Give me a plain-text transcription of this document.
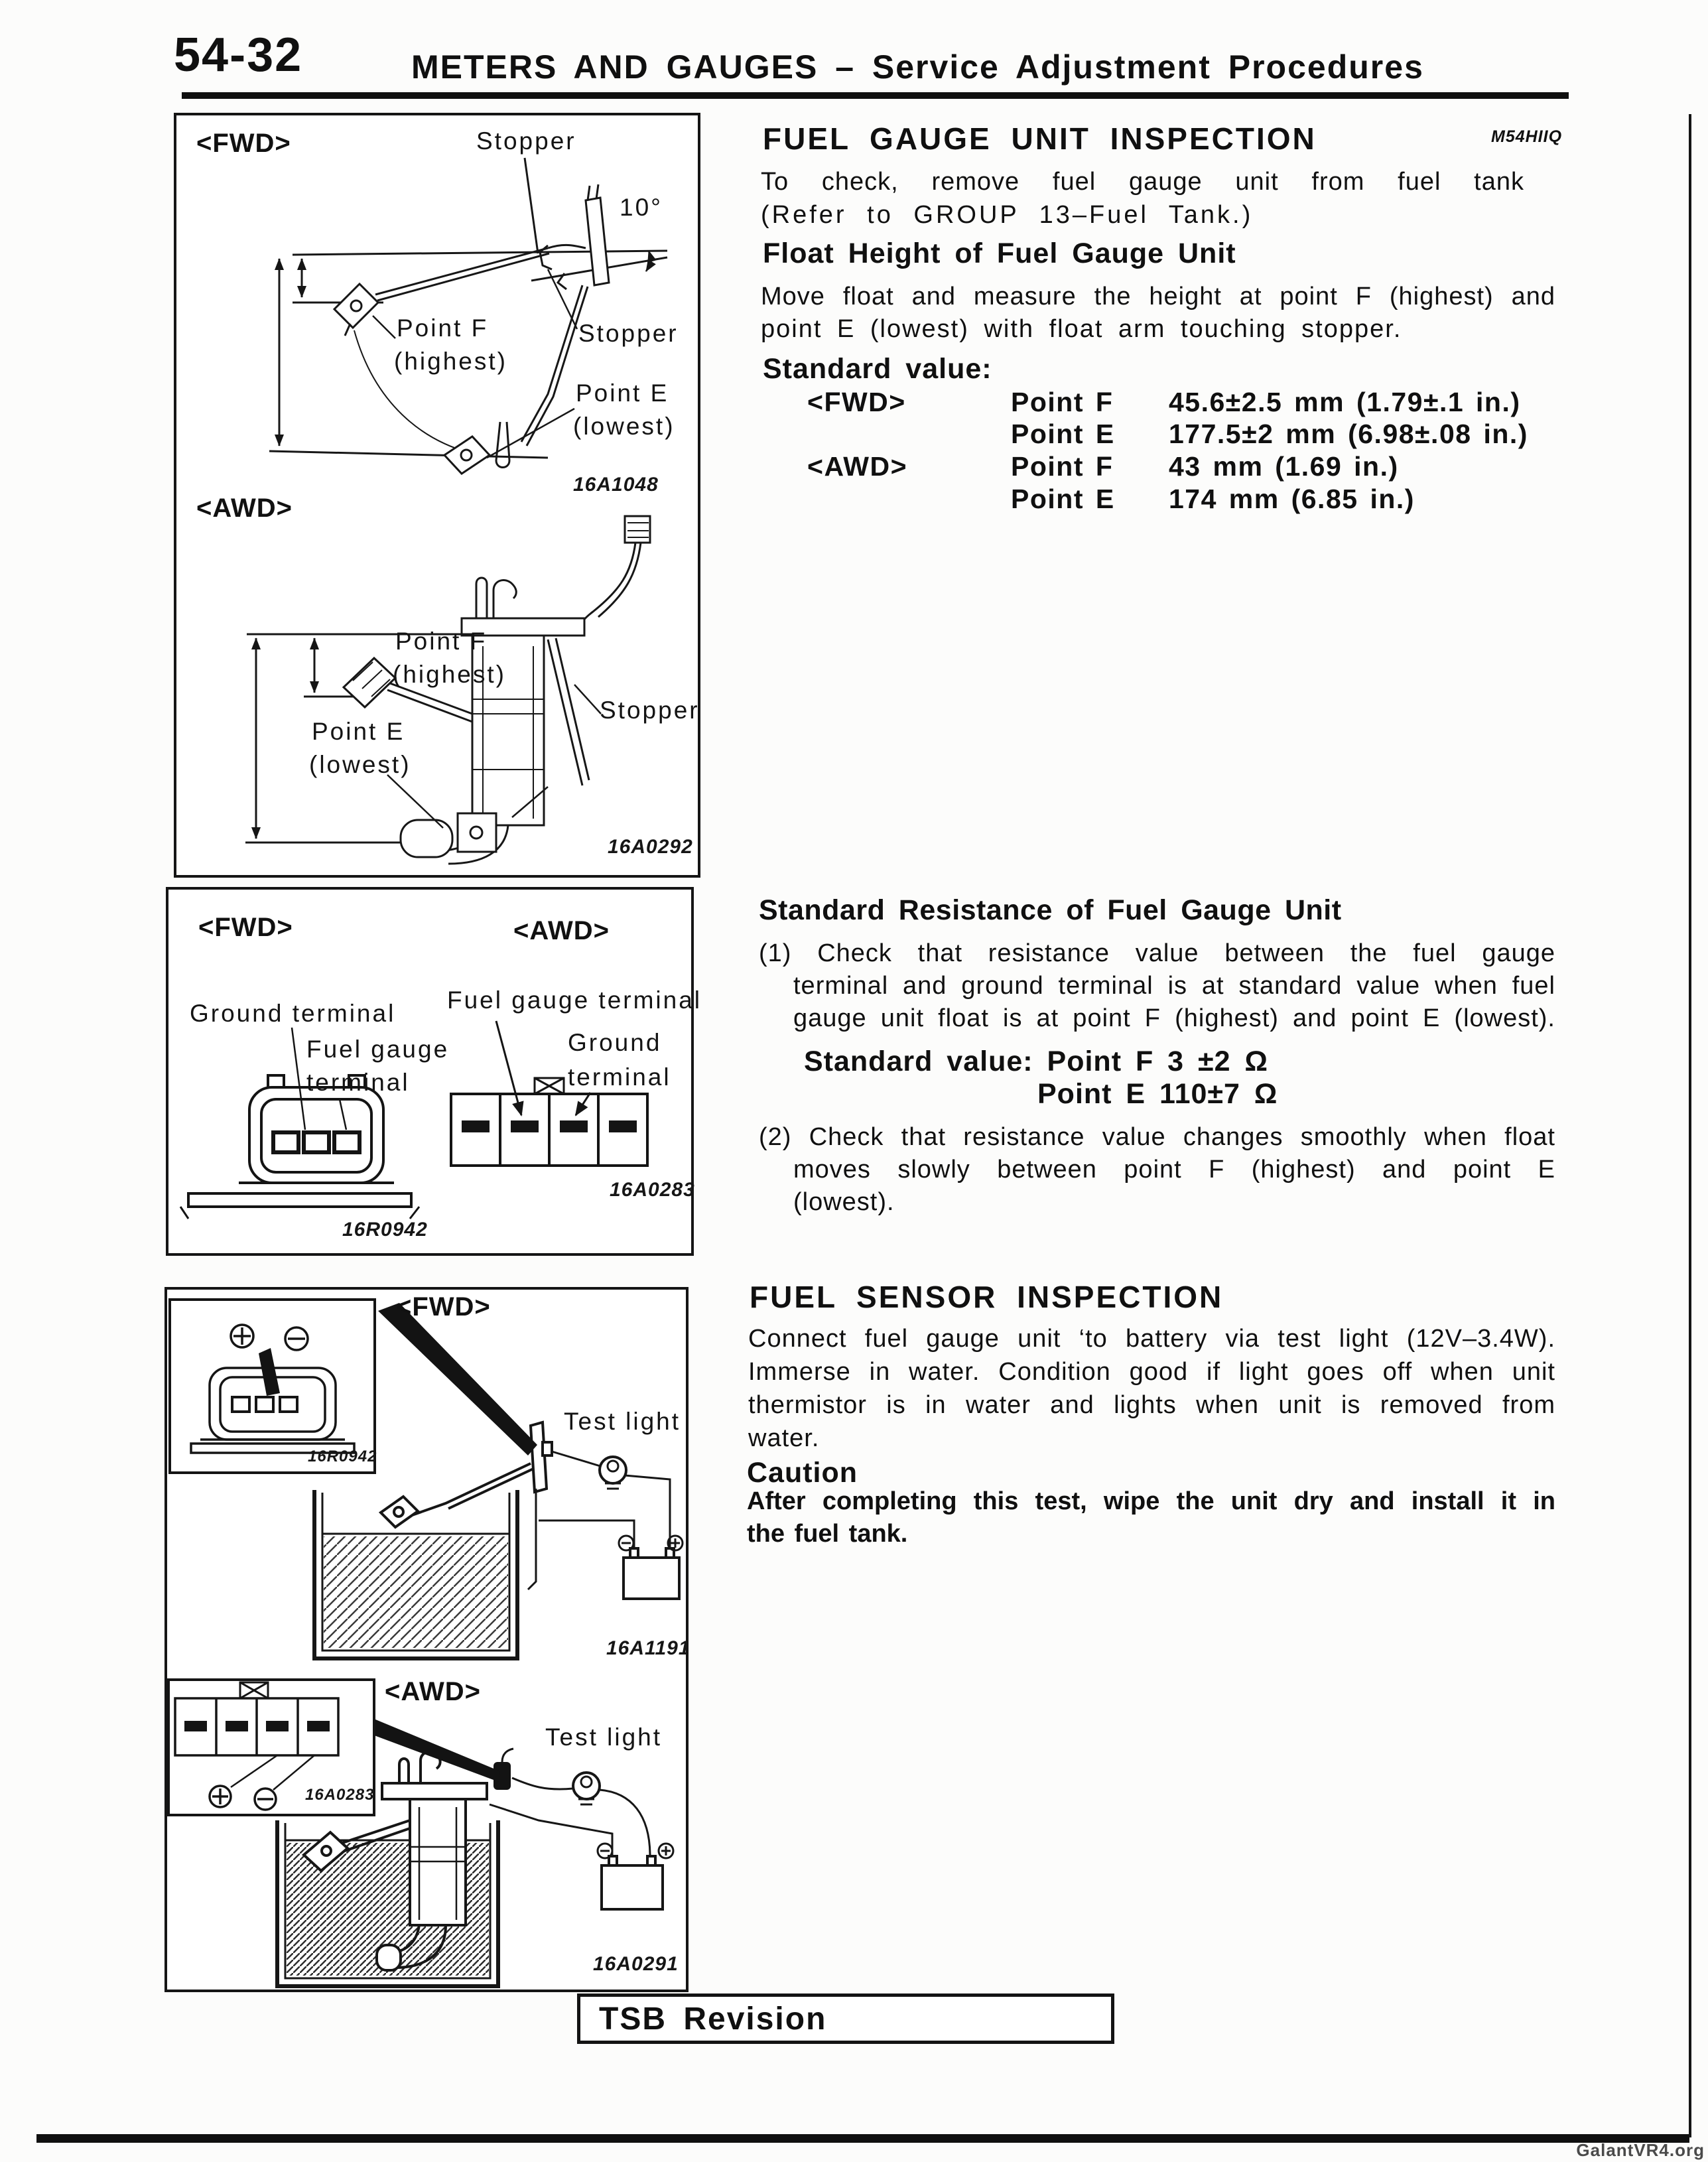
54-32	METERS AND GAUGES – Service Adjustment Procedures
<FWD>	Stopper
10°
Point F
(highest)
Stopper
Point E
(lowest)
16A1048
<AWD>
Point F
(highest)
Stopper
Point E
(lowest)
16A0292
<FWD>	<AWD>
Fuel gauge terminal
Ground terminal
Fuel gauge
terminal
Ground
terminal
16A0283
16R0942
<FWD>
16R0942
Test light
16A1191
<AWD>
16A0283
Test light
16A0291
FUEL GAUGE UNIT INSPECTION	M54HIIQ
To check, remove fuel gauge unit from fuel tank
(Refer to GROUP 13–Fuel Tank.)
Float Height of Fuel Gauge Unit
Move float and measure the height at point F (highest) and
point E (lowest) with float arm touching stopper.
Standard value:
<FWD>	Point F 45.6±2.5 mm (1.79±.1 in.)
Point E 177.5±2 mm (6.98±.08 in.)
<AWD>	Point F 43 mm (1.69 in.)
Point E 174 mm (6.85 in.)
Standard Resistance of Fuel Gauge Unit
(1) Check that resistance value between the fuel gauge
terminal and ground terminal is at standard value when fuel
gauge unit float is at point F (highest) and point E (lowest).
Standard value: Point F 3 ±2 Ω
Point E 110±7 Ω
(2) Check that resistance value changes smoothly when float
moves slowly between point F (highest) and point E
(lowest).
FUEL SENSOR INSPECTION
Connect fuel gauge unit ‘to battery via test light (12V–3.4W).
Immerse in water. Condition good if light goes off when unit
thermistor is in water and lights when unit is removed from
water.
Caution
After completing this test, wipe the unit dry and install it in
the fuel tank.
TSB Revision
GalantVR4.org
